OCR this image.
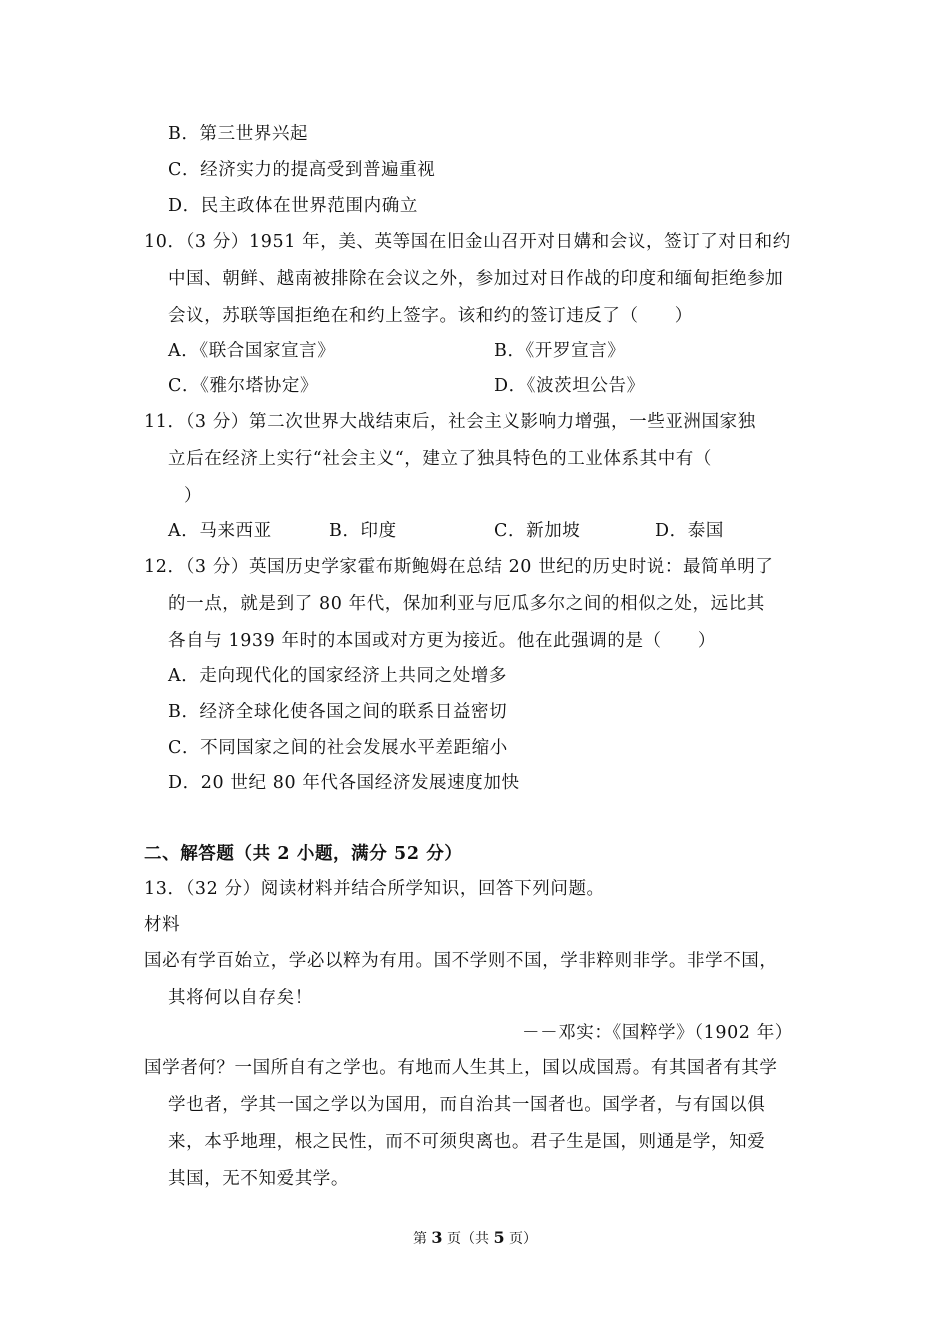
B．第三世界兴起
C．经济实力的提高受到普遍重视
D．民主政体在世界范围内确立
10．（3 分）1951 年，美、英等国在旧金山召开对日媾和会议，签订了对日和约
中国、朝鲜、越南被排除在会议之外，参加过对日作战的印度和缅甸拒绝参加
会议，苏联等国拒绝在和约上签字。该和约的签订违反了（　　）
A．《联合国家宣言》	B．《开罗宣言》
C．《雅尔塔协定》	D．《波茨坦公告》
11．（3 分）第二次世界大战结束后，社会主义影响力增强，一些亚洲国家独
立后在经济上实行“社会主义“，建立了独具特色的工业体系其中有（
）
A．马来西亚	B．印度	C．新加坡	D．泰国
12．（3 分）英国历史学家霍布斯鲍姆在总结 20 世纪的历史时说：最简单明了
的一点，就是到了 80 年代，保加利亚与厄瓜多尔之间的相似之处，远比其
各自与 1939 年时的本国或对方更为接近。他在此强调的是（　　）
A．走向现代化的国家经济上共同之处增多
B．经济全球化使各国之间的联系日益密切
C．不同国家之间的社会发展水平差距缩小
D．20 世纪 80 年代各国经济发展速度加快
二、解答题（共 2 小题，满分 52 分）
13．（32 分）阅读材料并结合所学知识，回答下列问题。
材料
国必有学百始立，学必以粹为有用。国不学则不国，学非粹则非学。非学不国，
其将何以自存矣！
－－邓实：《国粹学》（1902 年）
国学者何？一国所自有之学也。有地而人生其上，国以成国焉。有其国者有其学
学也者，学其一国之学以为国用，而自治其一国者也。国学者，与有国以俱
来，本乎地理，根之民性，而不可须臾离也。君子生是国，则通是学，知爱
其国，无不知爱其学。
第 3 页（共 5 页）
